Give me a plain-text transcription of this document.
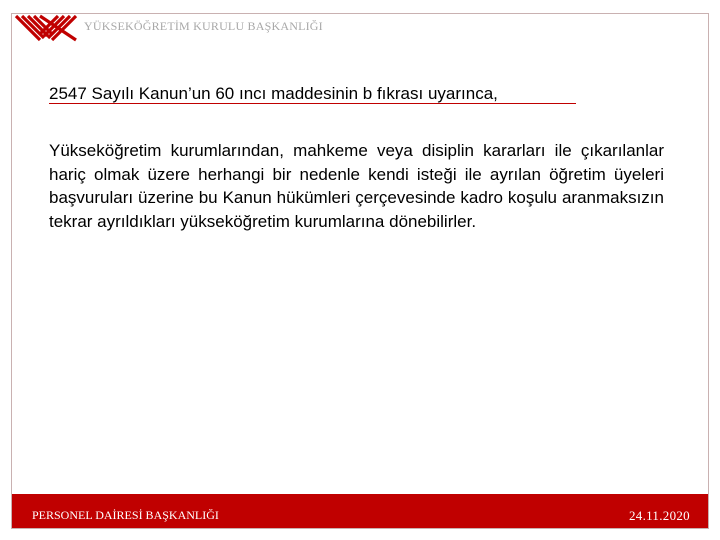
YÜKSEKÖĞRETİM KURULU BAŞKANLIĞI
2547 Sayılı Kanun’un 60 ıncı maddesinin b fıkrası uyarınca,
Yükseköğretim kurumlarından, mahkeme veya disiplin kararları ile çıkarılanlar hariç olmak üzere herhangi bir nedenle kendi isteği ile ayrılan öğretim üyeleri başvuruları üzerine bu Kanun hükümleri çerçevesinde kadro koşulu aranmaksızın tekrar ayrıldıkları yükseköğretim kurumlarına dönebilirler.
PERSONEL DAİRESİ BAŞKANLIĞI	24.11.2020
